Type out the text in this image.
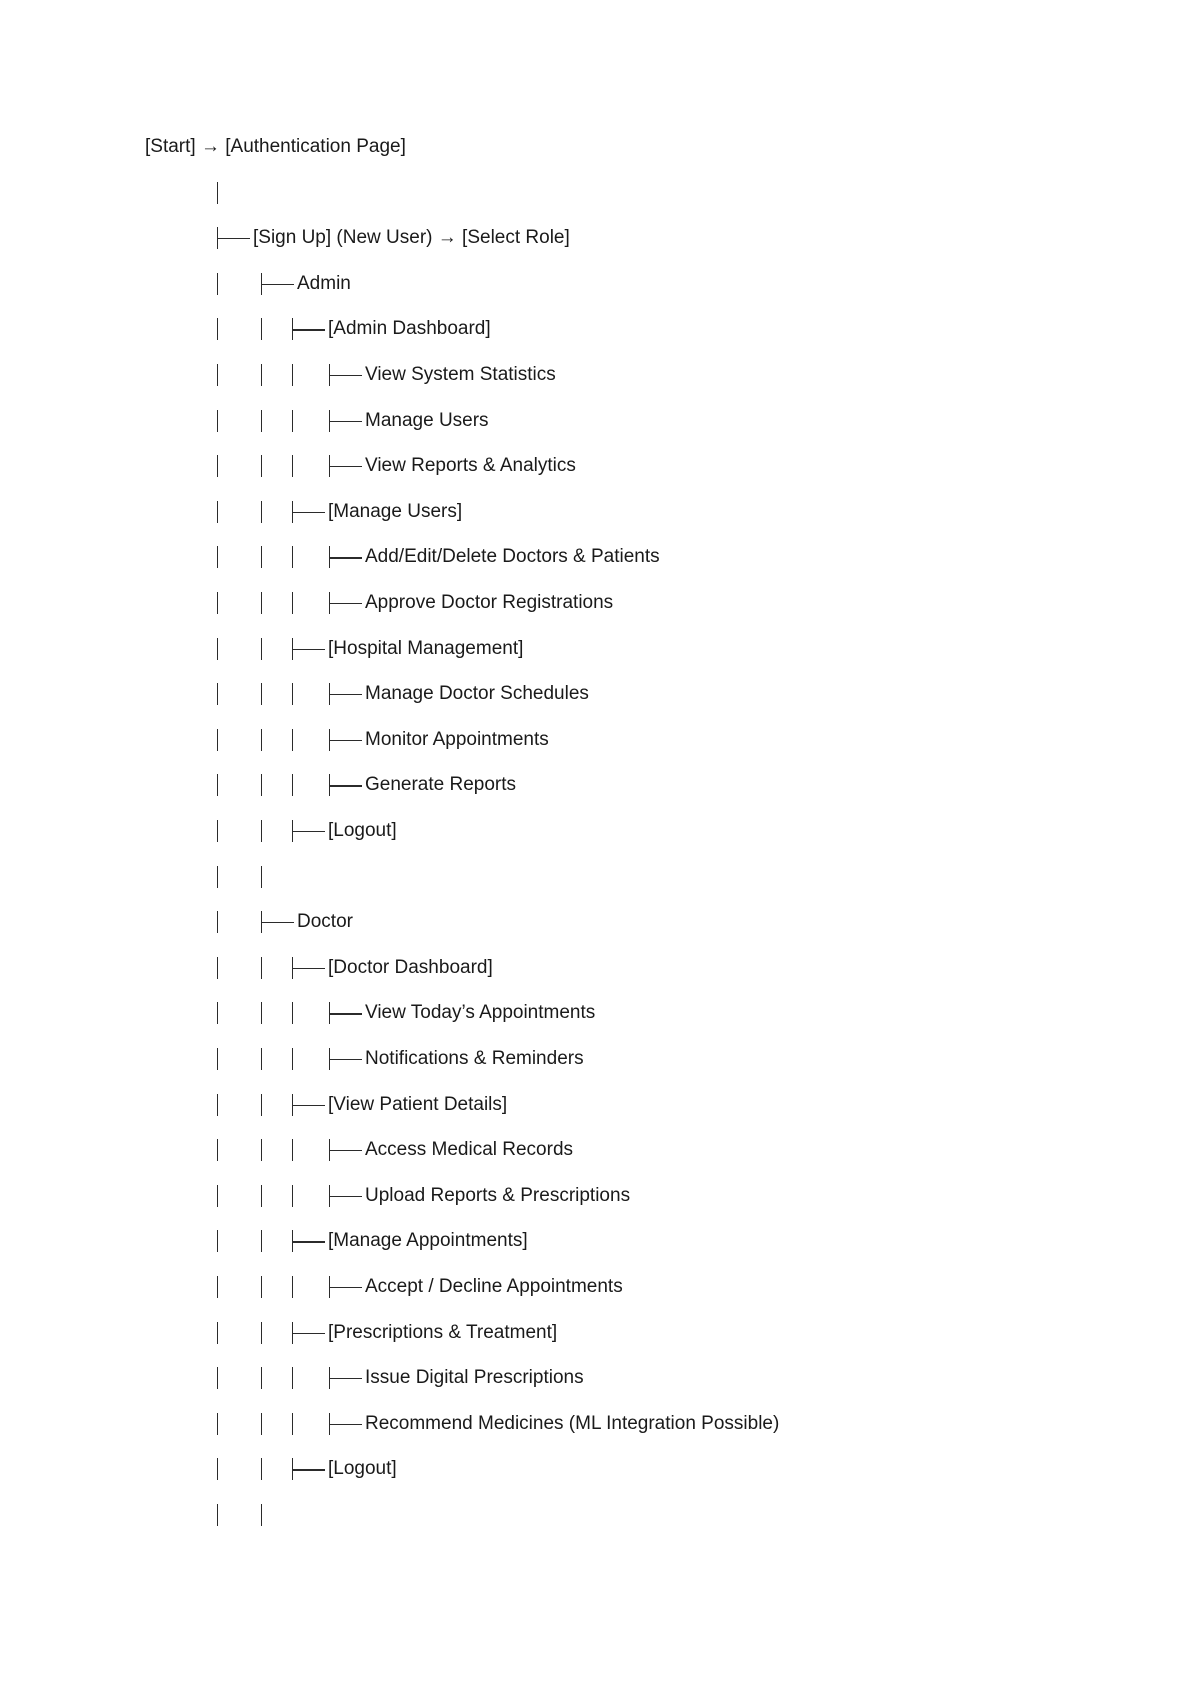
[Start] → [Authentication Page]
[Sign Up] (New User) → [Select Role]
Admin
[Admin Dashboard]
View System Statistics
Manage Users
View Reports & Analytics
[Manage Users]
Add/Edit/Delete Doctors & Patients
Approve Doctor Registrations
[Hospital Management]
Manage Doctor Schedules
Monitor Appointments
Generate Reports
[Logout]
Doctor
[Doctor Dashboard]
View Today’s Appointments
Notifications & Reminders
[View Patient Details]
Access Medical Records
Upload Reports & Prescriptions
[Manage Appointments]
Accept / Decline Appointments
[Prescriptions & Treatment]
Issue Digital Prescriptions
Recommend Medicines (ML Integration Possible)
[Logout]
